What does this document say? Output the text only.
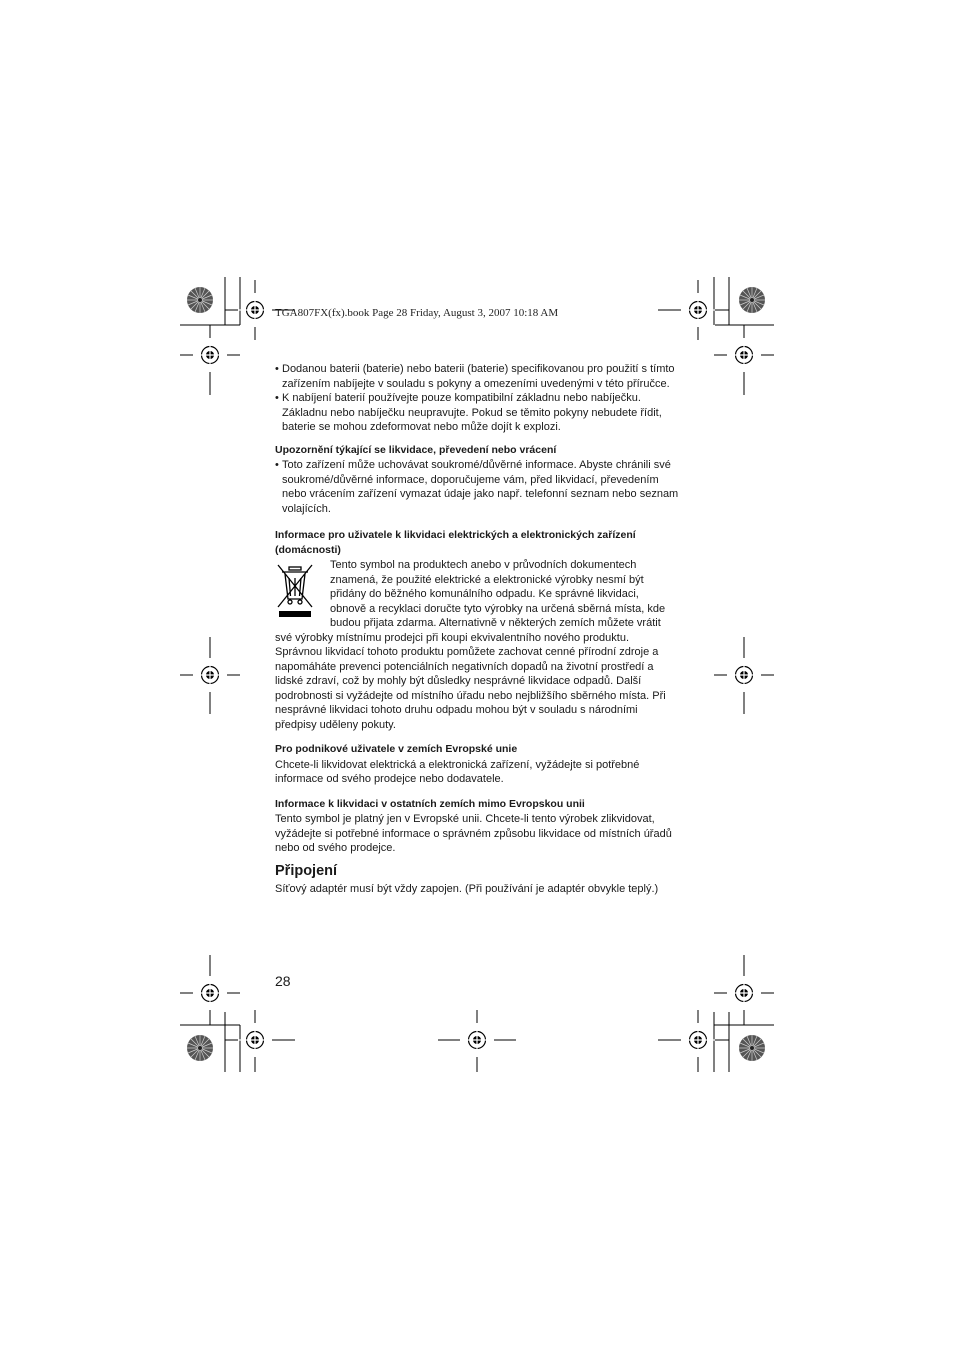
TGA807FX(fx).book Page 28 Friday, August 3, 2007 10:18 AM
• Dodanou baterii (baterie) nebo baterii (baterie) specifikovanou pro použití s tímto zařízením nabíjejte v souladu s pokyny a omezeními uvedenými v této příručce.
• K nabíjení baterií používejte pouze kompatibilní základnu nebo nabíječku. Základnu nebo nabíječku neupravujte. Pokud se těmito pokyny nebudete řídit, baterie se mohou zdeformovat nebo může dojít k explozi.
Upozornění týkající se likvidace, převedení nebo vrácení
• Toto zařízení může uchovávat soukromé/důvěrné informace. Abyste chránili své soukromé/důvěrné informace, doporučujeme vám, před likvidací, převedením nebo vrácením zařízení vymazat údaje jako např. telefonní seznam nebo seznam volajících.
Informace pro uživatele k likvidaci elektrických a elektronických zařízení (domácnosti)
Tento symbol na produktech anebo v průvodních dokumentech
znamená, že použité elektrické a elektronické výrobky nesmí být
přidány do běžného komunálního odpadu. Ke správné likvidaci,
obnově a recyklaci doručte tyto výrobky na určená sběrná místa, kde
budou přijata zdarma. Alternativně v některých zemích můžete vrátit

své výrobky místnímu prodejci při koupi ekvivalentního nového produktu. Správnou likvidací tohoto produktu pomůžete zachovat cenné přírodní zdroje a napomáháte prevenci potenciálních negativních dopadů na životní prostředí a lidské zdraví, což by mohly být důsledky nesprávné likvidace odpadů. Další podrobnosti si vyžádejte od místního úřadu nebo nejbližšího sběrného místa. Při nesprávné likvidaci tohoto druhu odpadu mohou být v souladu s národními předpisy uděleny pokuty.

Pro podnikové uživatele v zemích Evropské unie

Chcete-li likvidovat elektrická a elektronická zařízení, vyžádejte si potřebné informace od svého prodejce nebo dodavatele.

Informace k likvidaci v ostatních zemích mimo Evropskou unii

Tento symbol je platný jen v Evropské unii. Chcete-li tento výrobek zlikvidovat, vyžádejte si potřebné informace o správném způsobu likvidace od místních úřadů nebo od svého prodejce.

Připojení

Síťový adaptér musí být vždy zapojen. (Při používání je adaptér obvykle teplý.)

28
